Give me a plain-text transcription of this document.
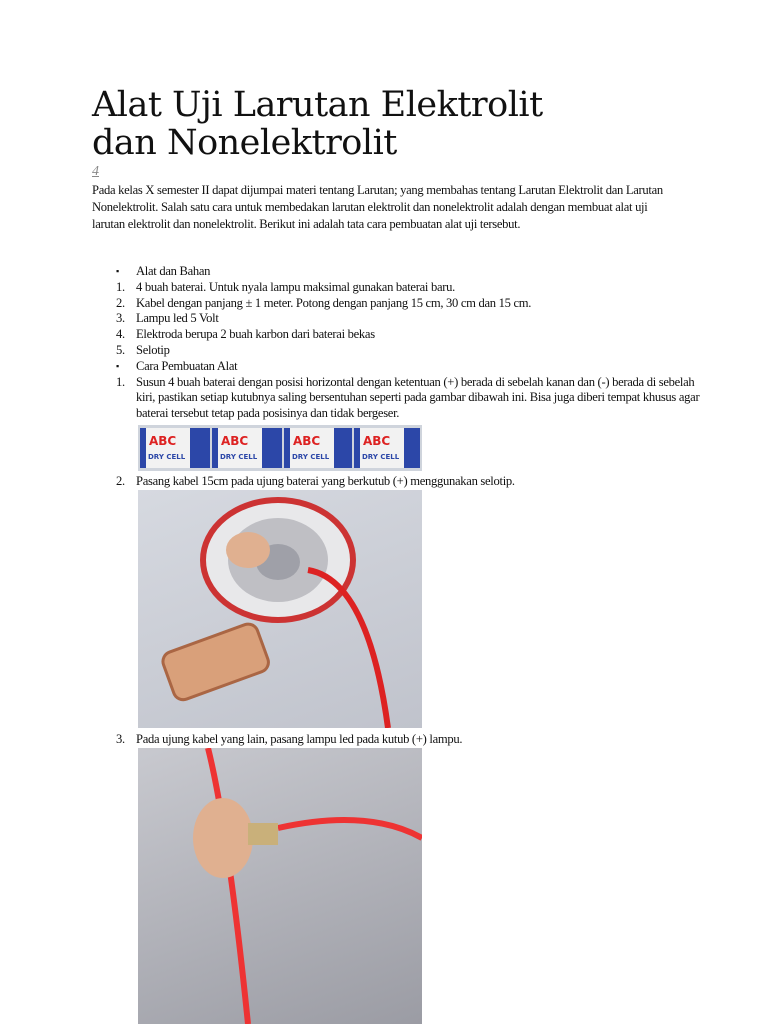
Alat Uji Larutan Elektrolit
dan Nonelektrolit
4

Pada kelas X semester II dapat dijumpai materi tentang Larutan; yang membahas tentang Larutan Elektrolit dan Larutan Nonelektrolit. Salah satu cara untuk membedakan larutan elektrolit dan nonelektrolit adalah dengan membuat alat uji larutan elektrolit dan nonelektrolit. Berikut ini adalah tata cara pembuatan alat uji tersebut.

▪	Alat dan Bahan
1. 4 buah baterai. Untuk nyala lampu maksimal gunakan baterai baru.
2. Kabel dengan panjang ± 1 meter. Potong dengan panjang 15 cm, 30 cm dan 15 cm.
3. Lampu led 5 Volt
4. Elektroda berupa 2 buah karbon dari baterai bekas
5. Selotip
▪	Cara Pembuatan Alat
1. Susun 4 buah baterai dengan posisi horizontal dengan ketentuan (+) berada di sebelah kanan dan (-) berada di sebelah kiri, pastikan setiap kutubnya saling bersentuhan seperti pada gambar dibawah ini. Bisa juga diberi tempat khusus agar baterai tersebut tetap pada posisinya dan tidak bergeser.
ABC
DRY CELL
ABC
DRY CELL
ABC
DRY CELL
ABC
DRY CELL
2. Pasang kabel 15cm pada ujung baterai yang berkutub (+) menggunakan selotip.
3. Pada ujung kabel yang lain, pasang lampu led pada kutub (+) lampu.
